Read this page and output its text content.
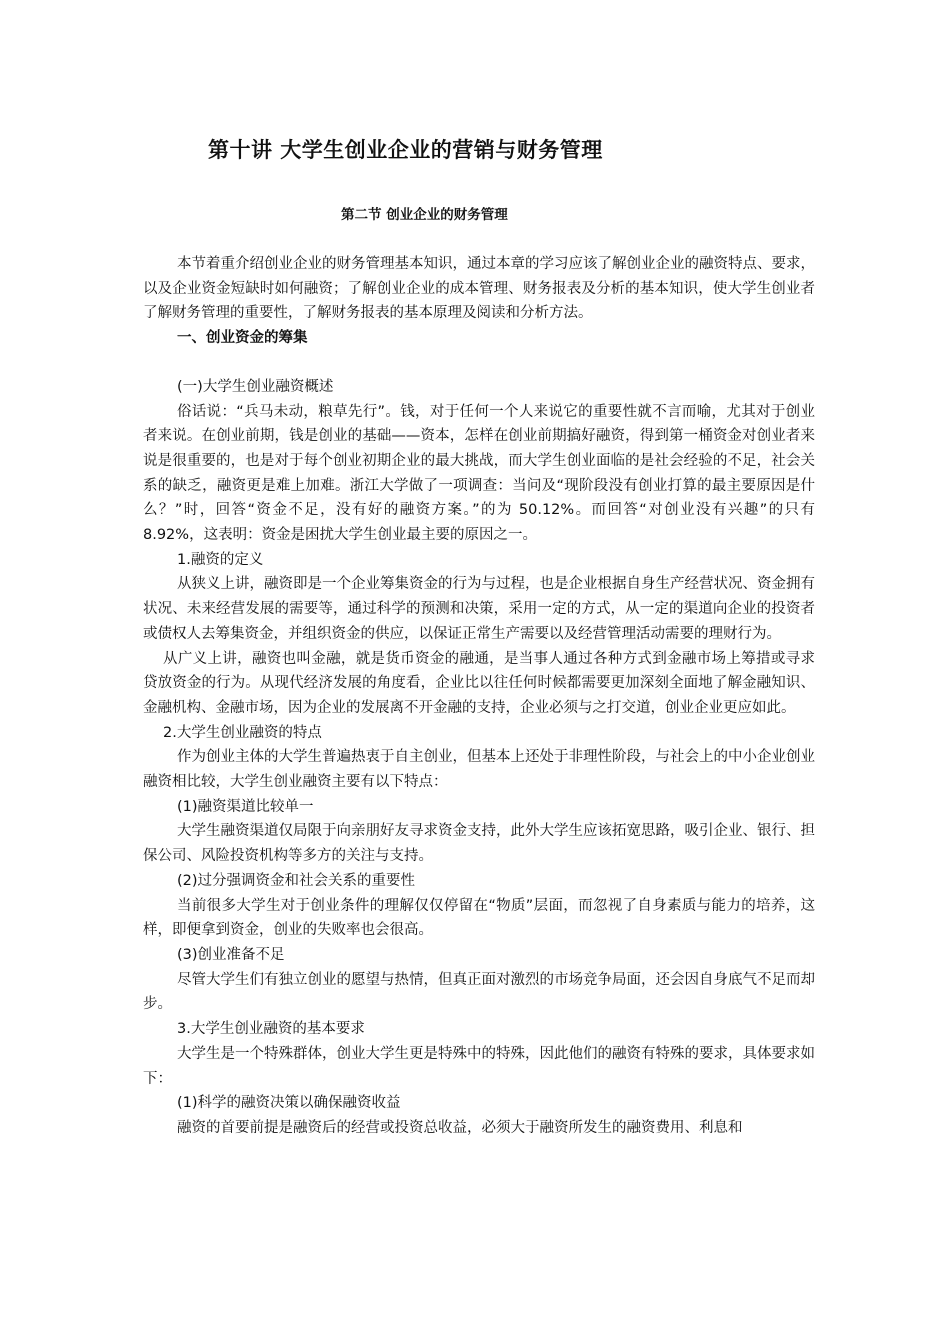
第十讲 大学生创业企业的营销与财务管理
第二节 创业企业的财务管理

本节着重介绍创业企业的财务管理基本知识，通过本章的学习应该了解创业企业的融资特点、要求，以及企业资金短缺时如何融资；了解创业企业的成本管理、财务报表及分析的基本知识，使大学生创业者了解财务管理的重要性，了解财务报表的基本原理及阅读和分析方法。

一、创业资金的筹集

(一)大学生创业融资概述

俗话说：“兵马未动，粮草先行”。钱，对于任何一个人来说它的重要性就不言而喻，尤其对于创业者来说。在创业前期，钱是创业的基础——资本，怎样在创业前期搞好融资，得到第一桶资金对创业者来说是很重要的，也是对于每个创业初期企业的最大挑战，而大学生创业面临的是社会经验的不足，社会关系的缺乏，融资更是难上加难。浙江大学做了一项调查：当问及“现阶段没有创业打算的最主要原因是什么？”时，回答“资金不足，没有好的融资方案。”的为 50.12%。而回答“对创业没有兴趣”的只有 8.92%，这表明：资金是困扰大学生创业最主要的原因之一。

1.融资的定义

从狭义上讲，融资即是一个企业筹集资金的行为与过程，也是企业根据自身生产经营状况、资金拥有状况、未来经营发展的需要等，通过科学的预测和决策，采用一定的方式，从一定的渠道向企业的投资者或债权人去筹集资金，并组织资金的供应，以保证正常生产需要以及经营管理活动需要的理财行为。

从广义上讲，融资也叫金融，就是货币资金的融通，是当事人通过各种方式到金融市场上筹措或寻求贷放资金的行为。从现代经济发展的角度看，企业比以往任何时候都需要更加深刻全面地了解金融知识、金融机构、金融市场，因为企业的发展离不开金融的支持，企业必须与之打交道，创业企业更应如此。

2.大学生创业融资的特点

作为创业主体的大学生普遍热衷于自主创业，但基本上还处于非理性阶段，与社会上的中小企业创业融资相比较，大学生创业融资主要有以下特点：

(1)融资渠道比较单一

大学生融资渠道仅局限于向亲朋好友寻求资金支持，此外大学生应该拓宽思路，吸引企业、银行、担保公司、风险投资机构等多方的关注与支持。

(2)过分强调资金和社会关系的重要性

当前很多大学生对于创业条件的理解仅仅停留在“物质”层面，而忽视了自身素质与能力的培养，这样，即便拿到资金，创业的失败率也会很高。

(3)创业准备不足

尽管大学生们有独立创业的愿望与热情，但真正面对激烈的市场竞争局面，还会因自身底气不足而却步。

3.大学生创业融资的基本要求

大学生是一个特殊群体，创业大学生更是特殊中的特殊，因此他们的融资有特殊的要求，具体要求如下：

(1)科学的融资决策以确保融资收益

融资的首要前提是融资后的经营或投资总收益，必须大于融资所发生的融资费用、利息和
